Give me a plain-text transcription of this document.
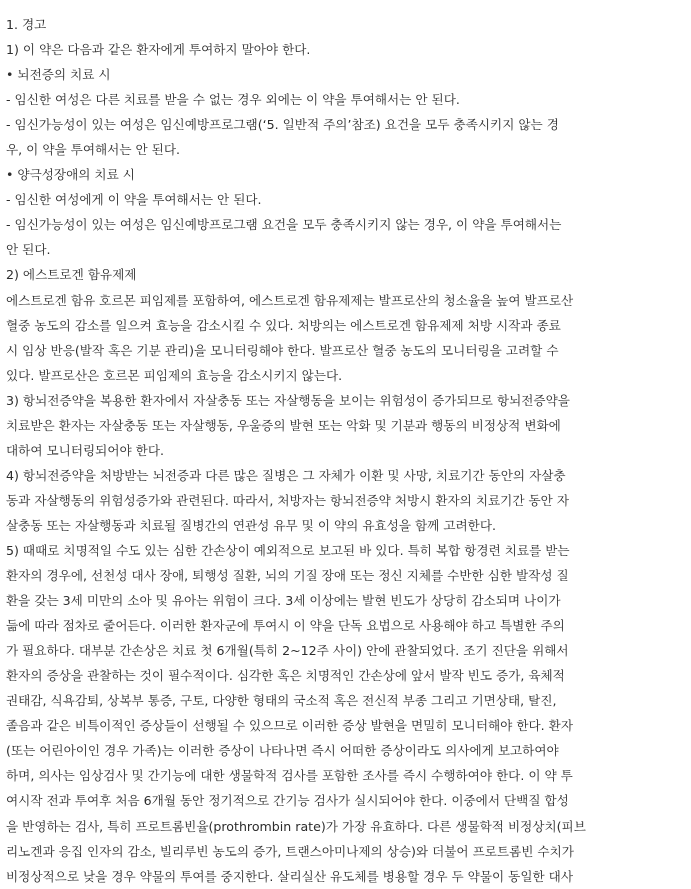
1. 경고
1) 이 약은 다음과 같은 환자에게 투여하지 말아야 한다.
• 뇌전증의 치료 시
- 임신한 여성은 다른 치료를 받을 수 없는 경우 외에는 이 약을 투여해서는 안 된다.
- 임신가능성이 있는 여성은 임신예방프로그램(‘5. 일반적 주의’참조) 요건을 모두 충족시키지 않는 경
우, 이 약을 투여해서는 안 된다.
• 양극성장애의 치료 시
- 임신한 여성에게 이 약을 투여해서는 안 된다.
- 임신가능성이 있는 여성은 임신예방프로그램 요건을 모두 충족시키지 않는 경우, 이 약을 투여해서는
안 된다.
2) 에스트로겐 함유제제
에스트로겐 함유 호르몬 피임제를 포함하여, 에스트로겐 함유제제는 발프로산의 청소율을 높여 발프로산
혈중 농도의 감소를 일으켜 효능을 감소시킬 수 있다. 처방의는 에스트로겐 함유제제 처방 시작과 종료
시 임상 반응(발작 혹은 기분 관리)을 모니터링해야 한다. 발프로산 혈중 농도의 모니터링을 고려할 수
있다. 발프로산은 호르몬 피임제의 효능을 감소시키지 않는다.
3) 항뇌전증약을 복용한 환자에서 자살충동 또는 자살행동을 보이는 위험성이 증가되므로 항뇌전증약을
치료받은 환자는 자살충동 또는 자살행동, 우울증의 발현 또는 악화 및 기분과 행동의 비정상적 변화에
대하여 모니터링되어야 한다.
4) 항뇌전증약을 처방받는 뇌전증과 다른 많은 질병은 그 자체가 이환 및 사망, 치료기간 동안의 자살충
동과 자살행동의 위험성증가와 관련된다. 따라서, 처방자는 항뇌전증약 처방시 환자의 치료기간 동안 자
살충동 또는 자살행동과 치료될 질병간의 연관성 유무 및 이 약의 유효성을 함께 고려한다.
5) 때때로 치명적일 수도 있는 심한 간손상이 예외적으로 보고된 바 있다. 특히 복합 항경련 치료를 받는
환자의 경우에, 선천성 대사 장애, 퇴행성 질환, 뇌의 기질 장애 또는 정신 지체를 수반한 심한 발작성 질
환을 갖는 3세 미만의 소아 및 유아는 위험이 크다. 3세 이상에는 발현 빈도가 상당히 감소되며 나이가
듦에 따라 점차로 줄어든다. 이러한 환자군에 투여시 이 약을 단독 요법으로 사용해야 하고 특별한 주의
가 필요하다. 대부분 간손상은 치료 첫 6개월(특히 2~12주 사이) 안에 관찰되었다. 조기 진단을 위해서
환자의 증상을 관찰하는 것이 필수적이다. 심각한 혹은 치명적인 간손상에 앞서 발작 빈도 증가, 육체적
권태감, 식욕감퇴, 상복부 통증, 구토, 다양한 형태의 국소적 혹은 전신적 부종 그리고 기면상태, 탈진,
졸음과 같은 비특이적인 증상들이 선행될 수 있으므로 이러한 증상 발현을 면밀히 모니터해야 한다. 환자
(또는 어린아이인 경우 가족)는 이러한 증상이 나타나면 즉시 어떠한 증상이라도 의사에게 보고하여야
하며, 의사는 임상검사 및 간기능에 대한 생물학적 검사를 포함한 조사를 즉시 수행하여야 한다. 이 약 투
여시작 전과 투여후 처음 6개월 동안 정기적으로 간기능 검사가 실시되어야 한다. 이중에서 단백질 합성
을 반영하는 검사, 특히 프로트롬빈율(prothrombin rate)가 가장 유효하다. 다른 생물학적 비정상치(피브
리노겐과 응집 인자의 감소, 빌리루빈 농도의 증가, 트랜스아미나제의 상승)와 더불어 프로트롬빈 수치가
비정상적으로 낮을 경우 약물의 투여를 중지한다. 살리실산 유도체를 병용할 경우 두 약물이 동일한 대사
